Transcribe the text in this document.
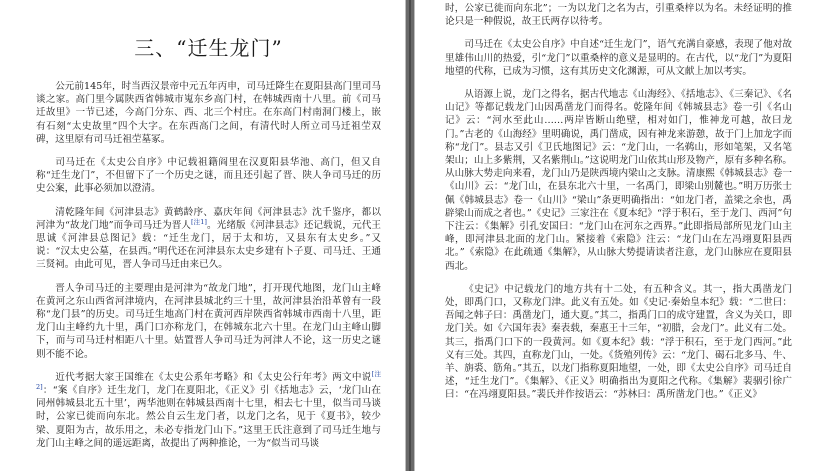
三、“迁生龙门”

公元前145年，时当西汉景帝中元五年丙申，司马迁降生在夏阳县高门里司马谈之家。高门里今属陕西省韩城市嵬东乡高门村，在韩城西南十八里。前《司马迁故里》一节已述，今高门分东、西、北三个村庄。在东高门村南洞门楼上，嵌有石刻“太史故里”四个大字。在东西高门之间，有清代时人所立司马迁祖茔双碑，这里原有司马迁祖茔墓冢。

司马迁在《太史公自序》中记载祖籍阎里在汉夏阳县华池、高门，但又自称“迁生龙门”，不但留下了一个历史之谜，而且还引起了晋、陕人争司马迁的历史公案，此事必须加以澄清。

清乾隆年间《河津县志》黄鹤龄序、嘉庆年间《河津县志》沈千鉴序，都以河津为“故龙门地”而争司马迁为晋人[注1]。光绪版《河津县志》还记载说，元代王思诚《河津县总图记》载：“迁生龙门，居于太和坊，又县东有太史乡。”又说：“汉太史公墓，在县西。”明代还在河津县东太史乡建有卜子夏、司马迁、王通三贤祠。由此可见，晋人争司马迁由来已久。

晋人争司马迁的主要理由是河津为“故龙门地”，打开现代地图，龙门山主峰在黄河之东山西省河津境内，在河津县城北约三十里，故河津县治沿革曾有一段称“龙门县”的历史。司马迁生地高门村在黄河西岸陕西省韩城市西南十八里，距龙门山主峰约九十里，禹门口亦称龙门，在韩城东北六十里。在龙门山主峰山脚下，而与司马迁村相距八十里。姑置晋人争司马迁为河津人不论，这一历史之谜则不能不论。

近代考据大家王国维在《太史公系年考略》和《太史公行年考》两文中说[注2]：“案《自序》迁生龙门，龙门在夏阳北，《正义》引《括地志》云，‘龙门山在同州韩城县北五十里’，两华池则在韩城县西南十七里，相去七十里，似当司马谈时，公家已徙而向东北。然公自云生龙门者，以龙门之名，见于《夏书》，较少梁、夏阳为古，故乐用之，未必专指龙门山下。”这里王氏注意到了司马迁生地与龙门山主峰之间的遥远距离，故提出了两种推论，一为“似当司马谈

时，公家已徙而向东北”；一为以龙门之名为古，引重桑梓以为名。未经证明的推论只是一种假说，故王氏两存以待考。

司马迁在《太史公自序》中自述“迁生龙门”，语气充满自豪感，表现了他对故里雄伟山川的热爱，引“龙门”以重桑梓的意义是显明的。在古代，以“龙门”为夏阳地望的代称，已成为习惯，这有其历史文化渊源，可从文献上加以考实。

从语源上说，龙门之得名，据古代地志《山海经》、《括地志》、《三秦记》、《名山记》等都记载龙门山因禹凿龙门而得名。乾隆年间《韩城县志》卷一引《名山记》云：“河水至此山……两岸皆断山绝壁，相对如门，惟神龙可越，故曰龙门。”古老的《山海经》里明确说，禹门凿成，因有神龙来游憩，故于门上加龙字而称“龙门”。县志又引《卫氏地图记》云：“龙门山，一名鹈山，形如笔架，又名笔架山；山上多紫荆，又名紫荆山。”这说明龙门山依其山形及物产，原有多种名称。从山脉大势走向来看，龙门山乃是陕西境内梁山之支脉。清康熙《韩城县志》卷一《山川》云：“龙门山，在县东北六十里，一名禹门，即梁山别麓也。”明万历张士佩《韩城县志》卷一《山川》“梁山”条更明确指出：“如龙门者，盖梁之余也，禹辟梁山而成之者也。”《史记》三家注在《夏本纪》“浮于积石，至于龙门、西河”句下注云：《集解》引孔安国曰：“龙门山在河东之西界。”此即指局部所见龙门山主峰，即河津县北面的龙门山。紧接着《索隐》注云：“龙门山在左冯翊夏阳县西北。”《索隐》在此疏通《集解》，从山脉大势提请读者注意，龙门山脉应在夏阳县西北。

《史记》中记载龙门的地方共有十二处，有五种含义。其一，指大禹凿龙门处，即禹门口，又称龙门津。此义有五处。如《史记·秦始皇本纪》载：“二世曰：吾闻之韩子曰：禹凿龙门，通大夏。”其二，指禹门口的成守建置，含义为关口，即龙门关。如《六国年表》秦表载，秦惠王十三年，“初腊，会龙门”。此义有二处。其三，指禹门口下的一段黄河。如《夏本纪》载：“浮于积石，至于龙门西河。”此义有三处。其四，直称龙门山，一处。《货殖列传》云：“龙门、碣石北多马、牛、羊、旃裘、筋角。”其五，以龙门指称夏阳地望，一处，即《太史公自序》司马迁自述，“迁生龙门”。《集解》、《正义》明确指出为夏阳之代称。《集解》裴骃引徐广曰：“在冯翊夏阳县。”裴氏并作按语云：“苏林曰：禹所凿龙门也。”《正义》
